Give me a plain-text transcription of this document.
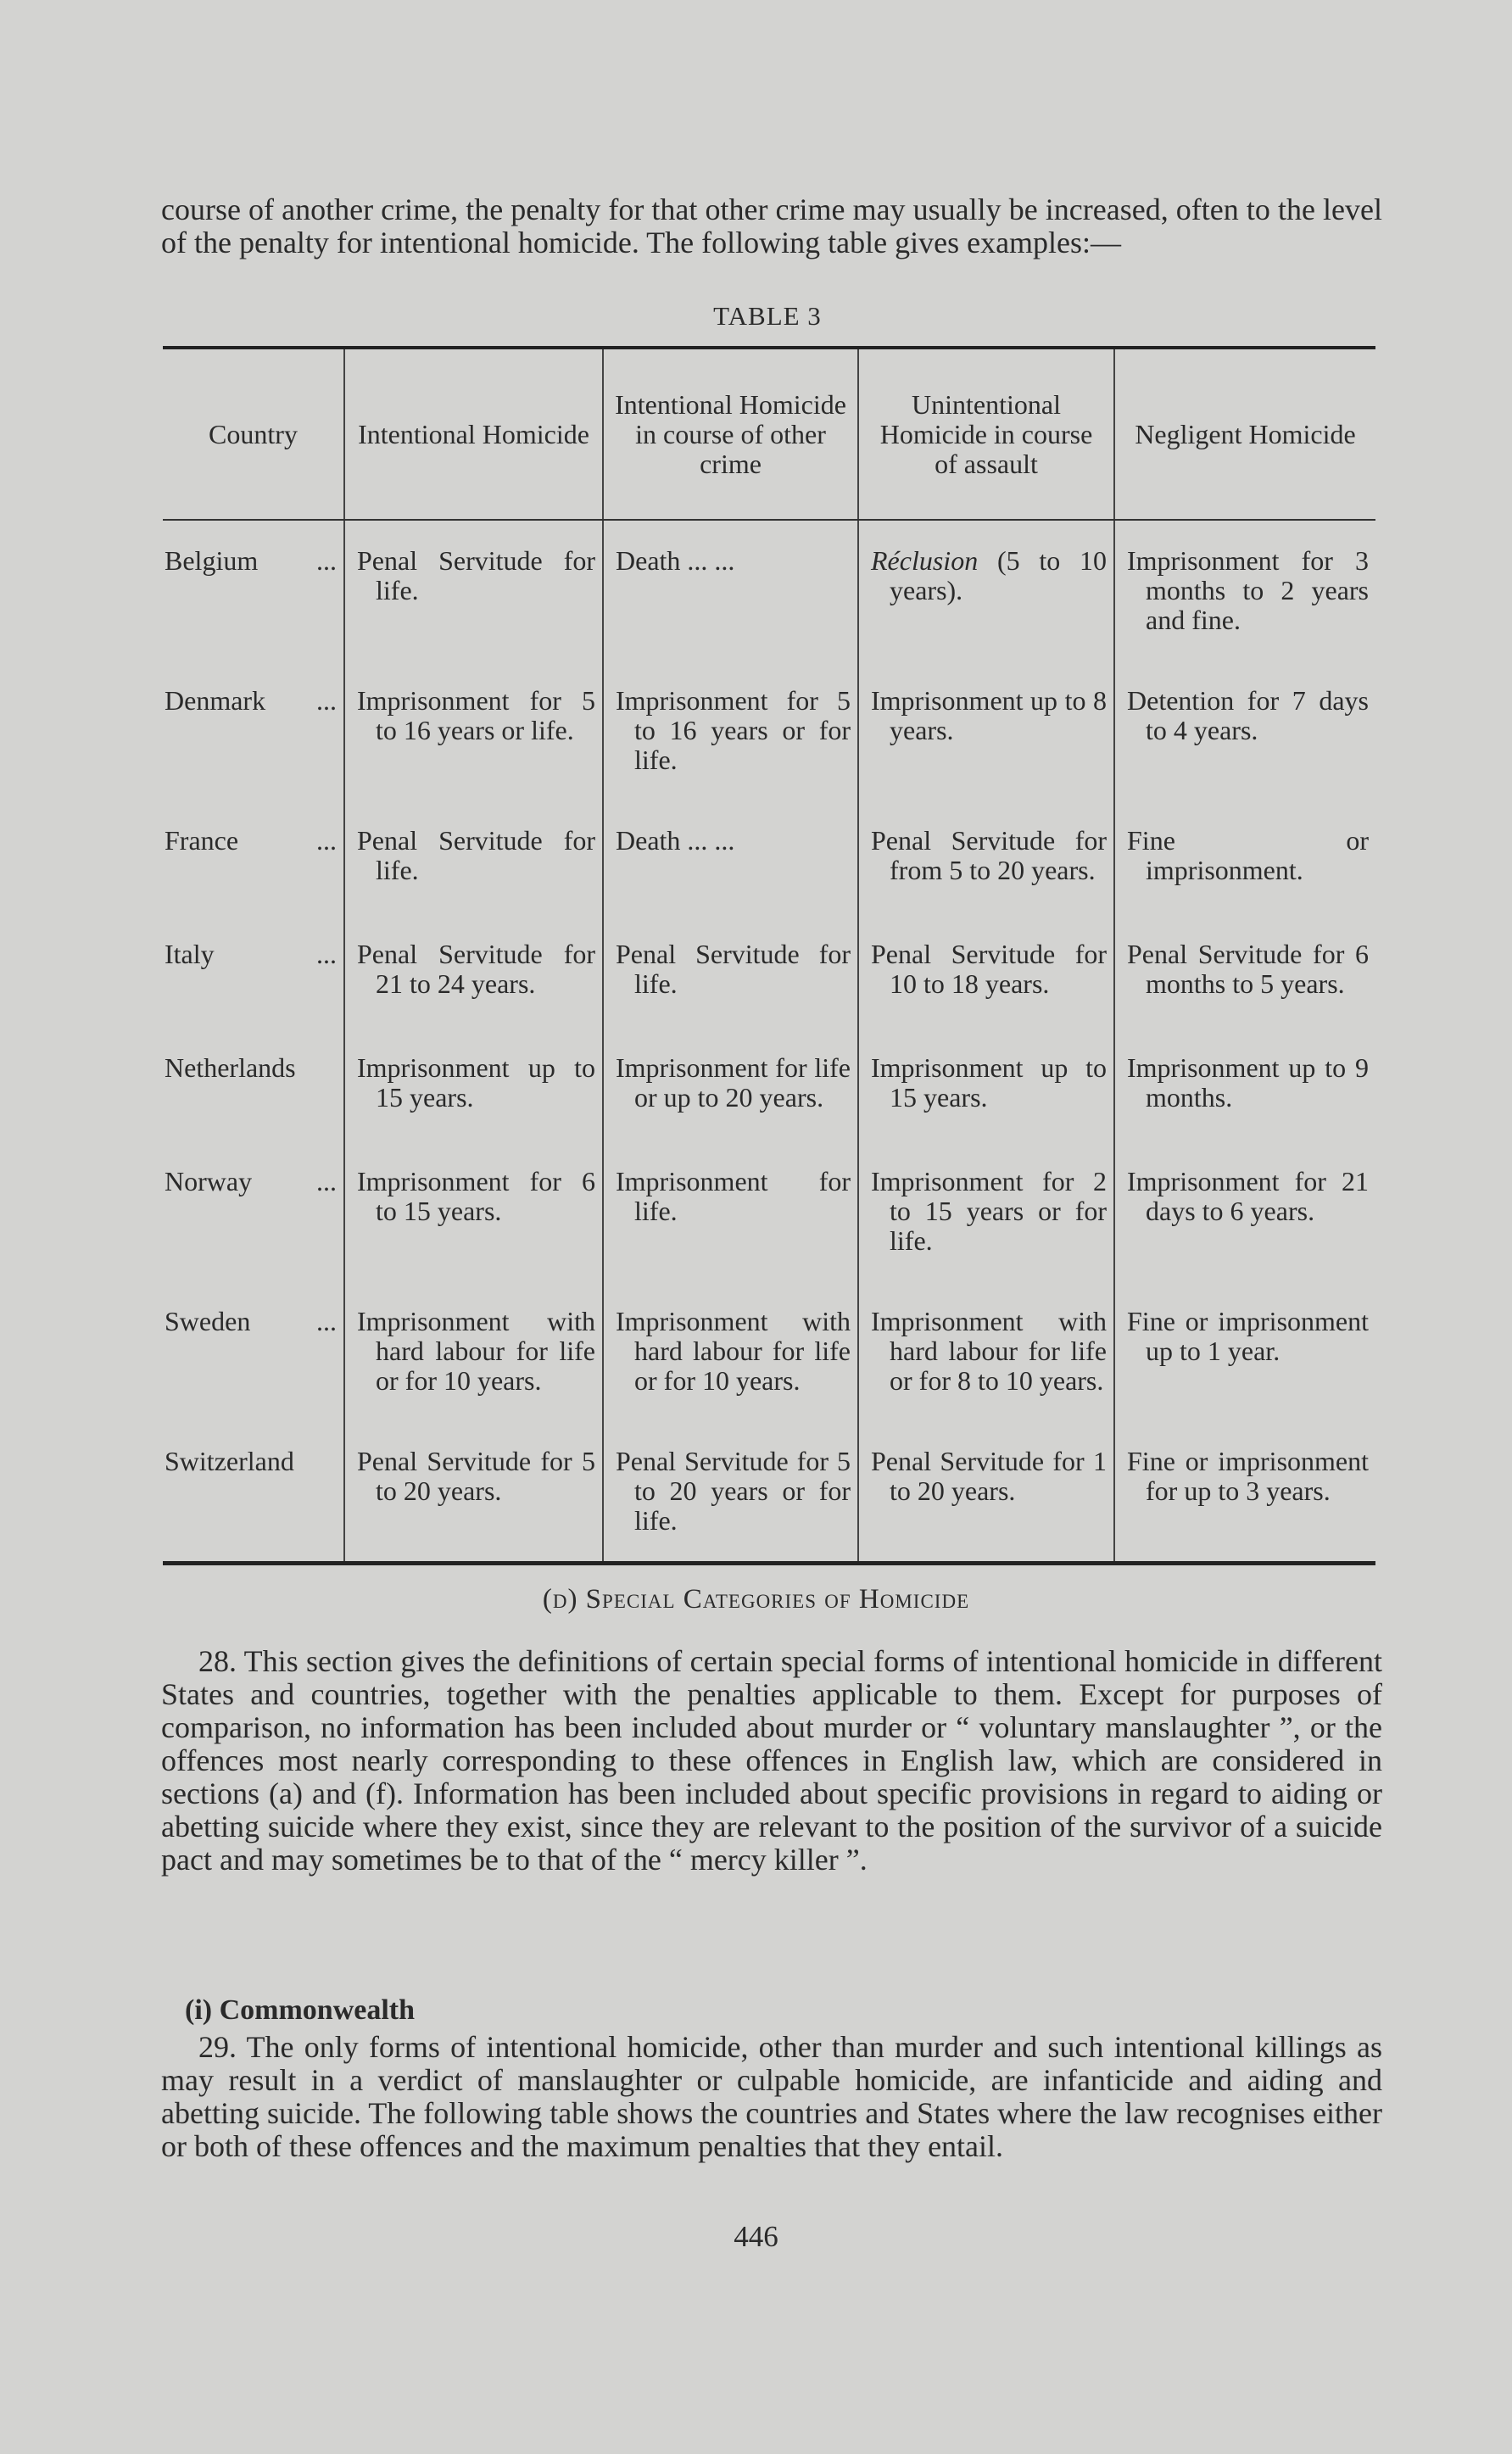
course of another crime, the penalty for that other crime may usually be increased, often to the level of the penalty for intentional homicide. The following table gives examples:—

TABLE 3
Country	Intentional Homicide	Intentional Homicide in course of other crime	Unintentional Homicide in course of assault	Negligent Homicide
Belgium ...	Penal Servitude for life.	Death ... ...	Réclusion (5 to 10 years).	Imprisonment for 3 months to 2 years and fine.

Denmark ...	Imprisonment for 5 to 16 years or life.	Imprisonment for 5 to 16 years or for life.	Imprisonment up to 8 years.	Detention for 7 days to 4 years.

France ...	Penal Servitude for life.	Death ... ...	Penal Servitude for from 5 to 20 years.	Fine or imprisonment.

Italy ...	Penal Servitude for 21 to 24 years.	Penal Servitude for life.	Penal Servitude for 10 to 18 years.	Penal Servitude for 6 months to 5 years.

Netherlands	Imprisonment up to 15 years.	Imprisonment for life or up to 20 years.	Imprisonment up to 15 years.	Imprisonment up to 9 months.

Norway ...	Imprisonment for 6 to 15 years.	Imprisonment for life.	Imprisonment for 2 to 15 years or for life.	Imprisonment for 21 days to 6 years.

Sweden ...	Imprisonment with hard labour for life or for 10 years.	Imprisonment with hard labour for life or for 10 years.	Imprisonment with hard labour for life or for 8 to 10 years.	Fine or imprisonment up to 1 year.

Switzerland	Penal Servitude for 5 to 20 years.	Penal Servitude for 5 to 20 years or for life.	Penal Servitude for 1 to 20 years.	Fine or imprisonment for up to 3 years.
(d) Special Categories of Homicide

28. This section gives the definitions of certain special forms of intentional homicide in different States and countries, together with the penalties applicable to them. Except for purposes of comparison, no information has been included about murder or “ voluntary manslaughter ”, or the offences most nearly corresponding to these offences in English law, which are considered in sections (a) and (f). Information has been included about specific provisions in regard to aiding or abetting suicide where they exist, since they are relevant to the position of the survivor of a suicide pact and may sometimes be to that of the “ mercy killer ”.

(i) Commonwealth

29. The only forms of intentional homicide, other than murder and such intentional killings as may result in a verdict of manslaughter or culpable homicide, are infanticide and aiding and abetting suicide. The following table shows the countries and States where the law recognises either or both of these offences and the maximum penalties that they entail.

446
